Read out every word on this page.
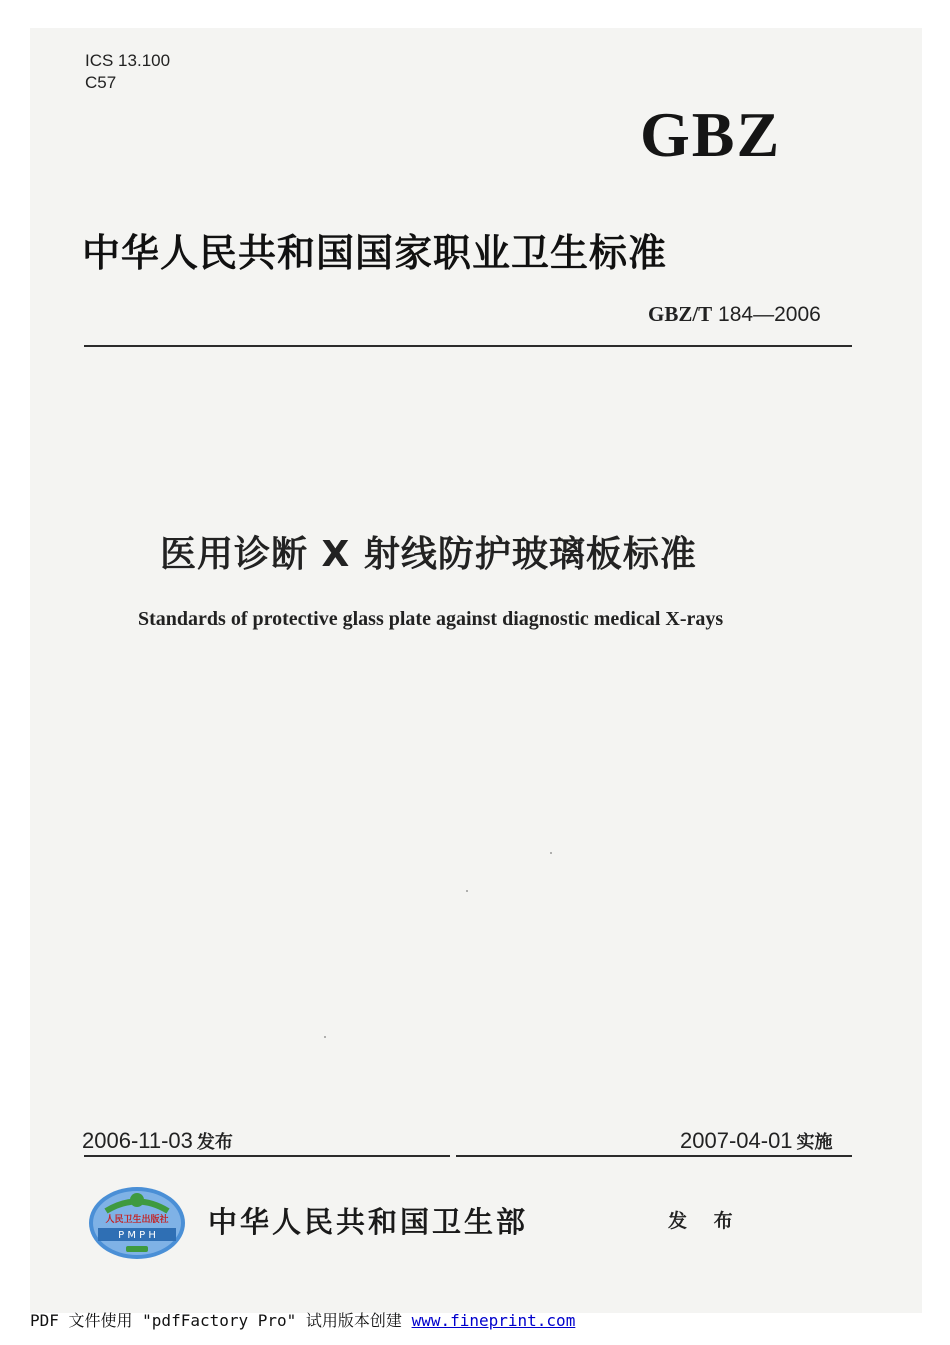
ICS 13.100
C57
GBZ
中华人民共和国国家职业卫生标准
GBZ/T 184—2006
医用诊断 X 射线防护玻璃板标准
Standards of protective glass plate against diagnostic medical X-rays
2006-11-03 发布	2007-04-01 实施
人民卫生出版社
P M P H 中华人民共和国卫生部	发 布
PDF 文件使用 "pdfFactory Pro" 试用版本创建 www.fineprint.com
